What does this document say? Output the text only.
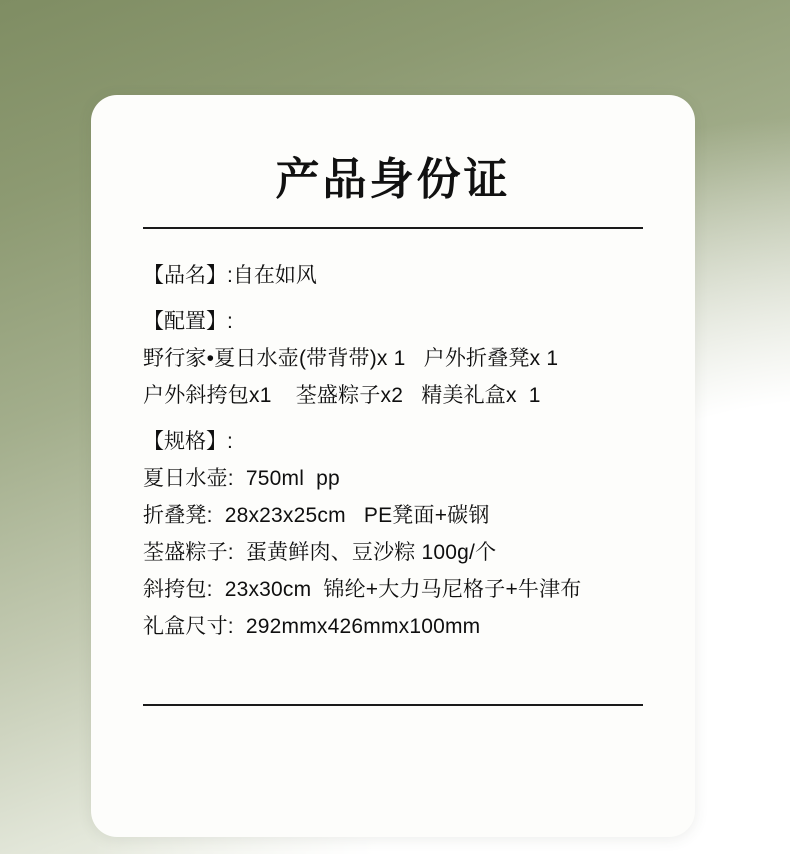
产品身份证
【品名】:自在如风
【配置】:
野行家•夏日水壶(带背带)x 1   户外折叠凳x 1
户外斜挎包x1    荃盛粽子x2   精美礼盒x  1
【规格】:
夏日水壶:  750ml  pp
折叠凳:  28x23x25cm   PE凳面+碳钢
荃盛粽子:  蛋黄鲜肉、豆沙粽 100g/个
斜挎包:  23x30cm  锦纶+大力马尼格子+牛津布
礼盒尺寸:  292mmx426mmx100mm
